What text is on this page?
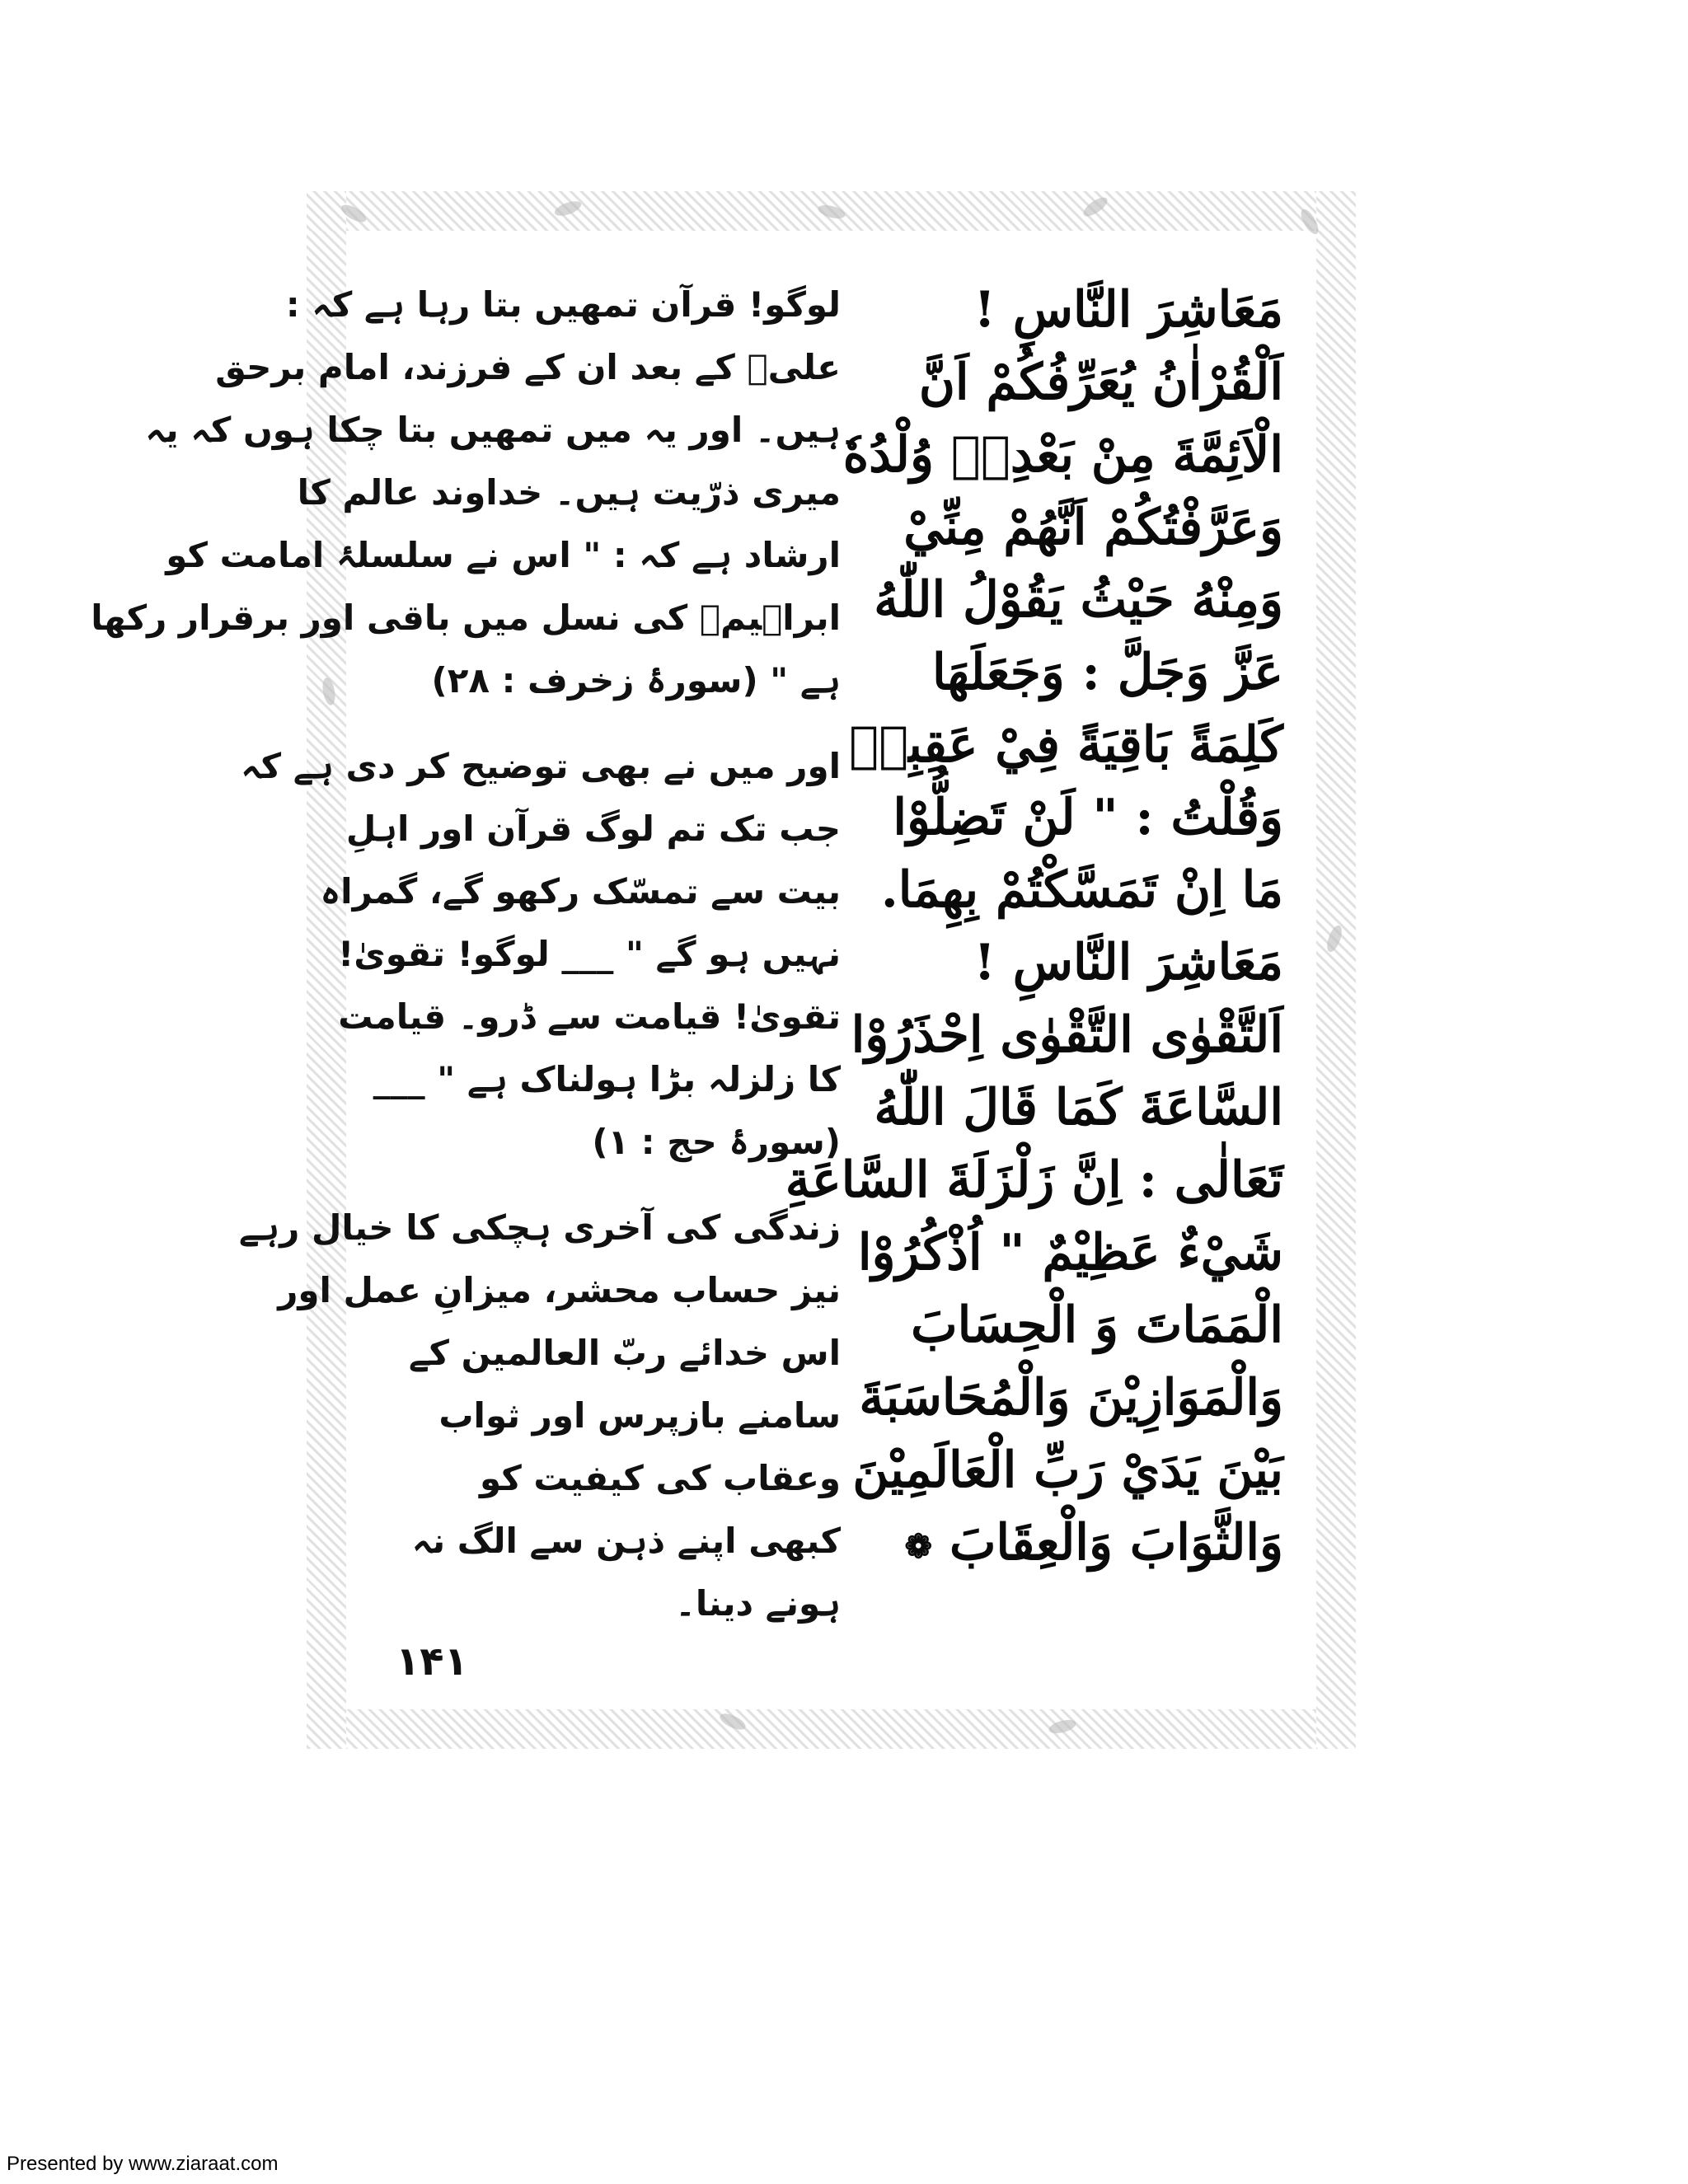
مَعَاشِرَ النَّاسِ !
اَلْقُرْاٰنُ يُعَرِّفُكُمْ اَنَّ
الْاَئِمَّةَ مِنْ بَعْدِهٖ وُلْدُهٗ
وَعَرَّفْتُكُمْ اَنَّهُمْ مِنِّيْ
وَمِنْهُ حَيْثُ يَقُوْلُ اللّٰهُ
عَزَّ وَجَلَّ : وَجَعَلَهَا
كَلِمَةً بَاقِيَةً فِيْ عَقِبِهٖ
وَقُلْتُ : " لَنْ تَضِلُّوْا
مَا اِنْ تَمَسَّكْتُمْ بِهِمَا.
مَعَاشِرَ النَّاسِ !
اَلتَّقْوٰى التَّقْوٰى اِحْذَرُوْا
السَّاعَةَ كَمَا قَالَ اللّٰهُ
تَعَالٰى : اِنَّ زَلْزَلَةَ السَّاعَةِ
شَيْءٌ عَظِيْمٌ " اُذْكُرُوْا
الْمَمَاتَ وَ الْحِسَابَ
وَالْمَوَازِيْنَ وَالْمُحَاسَبَةَ
بَيْنَ يَدَيْ رَبِّ الْعَالَمِيْنَ
وَالثَّوَابَ وَالْعِقَابَ ❁
لوگو! قرآن تمھیں بتا رہا ہے کہ :
علیؑ کے بعد ان کے فرزند، امام برحق
ہیں۔ اور یہ میں تمھیں بتا چکا ہوں کہ یہ
میری ذرّیت ہیں۔ خداوند عالم کا
ارشاد ہے کہ : " اس نے سلسلۂ امامت کو
ابراہیمؑ کی نسل میں باقی اور برقرار رکھا
ہے " (سورۂ زخرف : ۲۸)
اور میں نے بھی توضیح کر دی ہے کہ
جب تک تم لوگ قرآن اور اہلِ
بیت سے تمسّک رکھو گے، گمراہ
نہیں ہو گے " ___ لوگو! تقویٰ!
تقویٰ! قیامت سے ڈرو۔ قیامت
کا زلزلہ بڑا ہولناک ہے " ___
(سورۂ حج : ۱)
زندگی کی آخری ہچکی کا خیال رہے
نیز حساب محشر، میزانِ عمل اور
اس خدائے ربّ العالمین کے
سامنے بازپرس اور ثواب
وعقاب کی کیفیت کو
کبھی اپنے ذہن سے الگ نہ
ہونے دینا۔
۱۴۱
Presented by www.ziaraat.com
